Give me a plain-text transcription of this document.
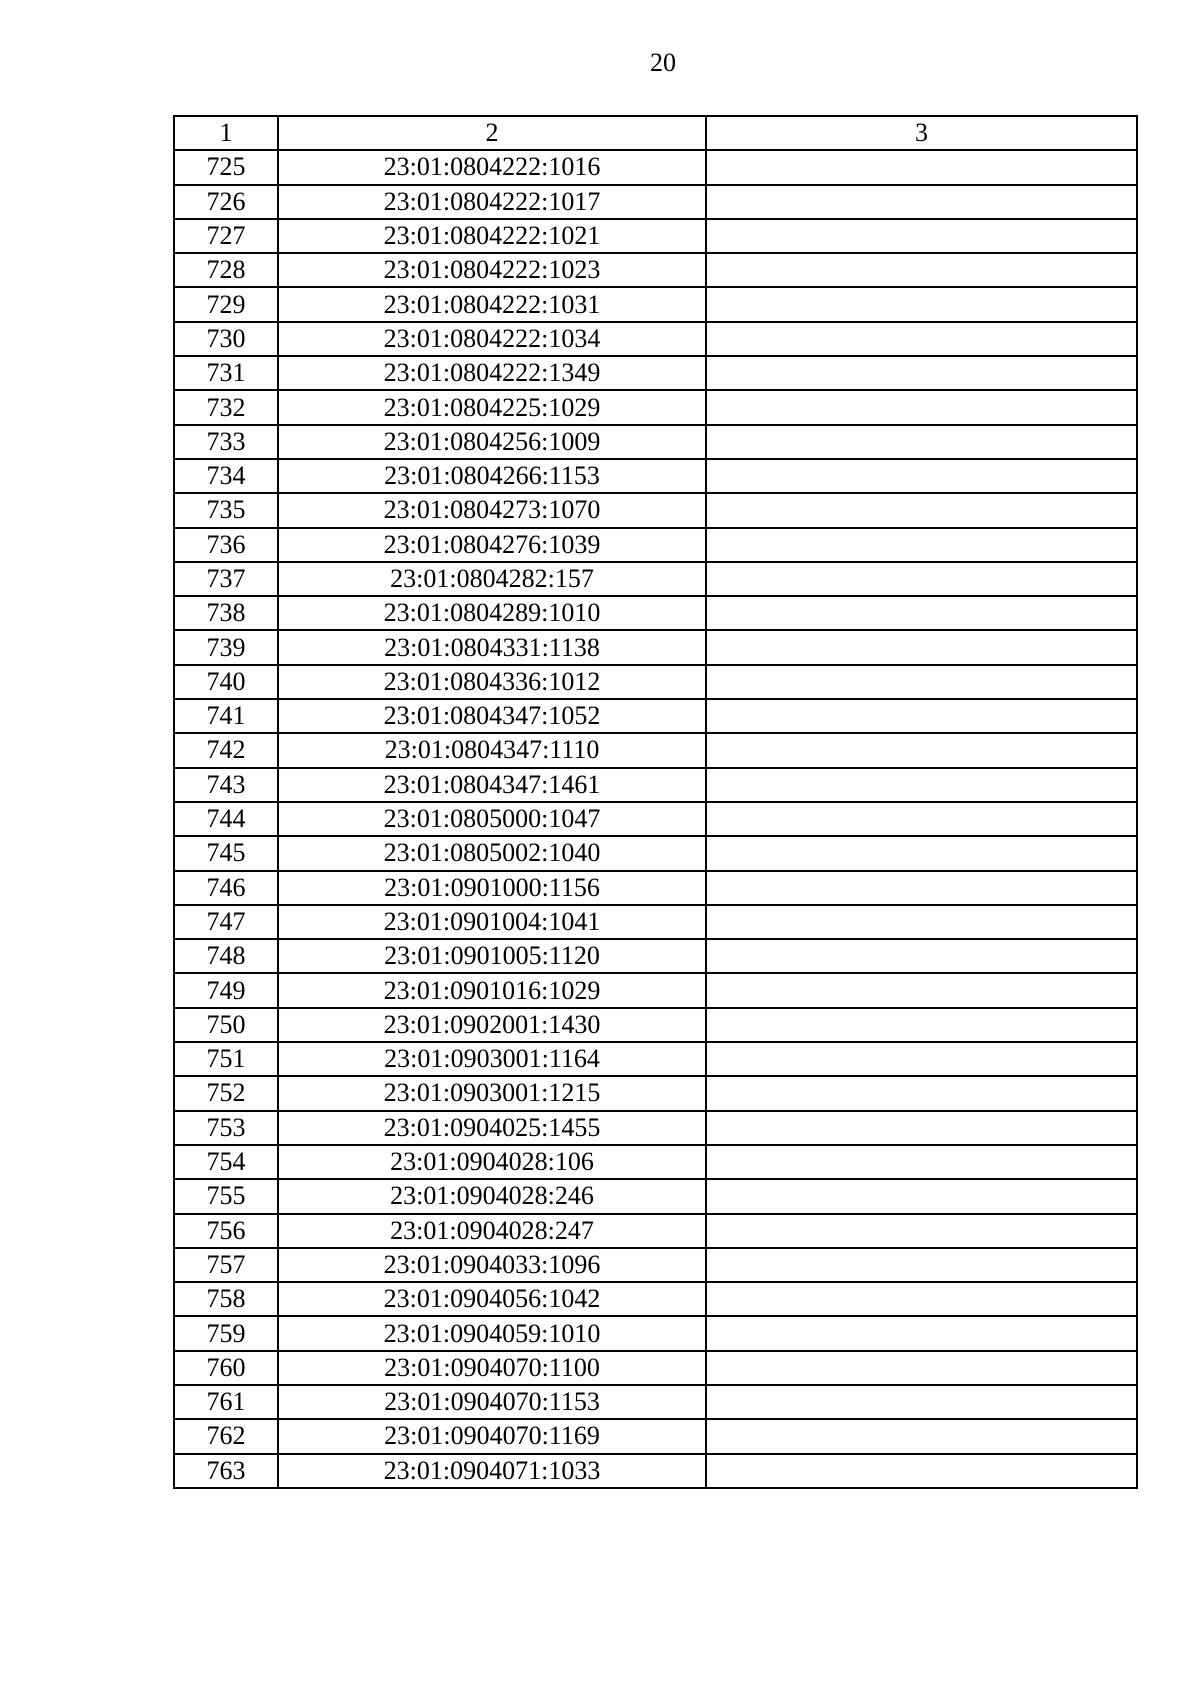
20
1	2	3
725	23:01:0804222:1016	
726	23:01:0804222:1017	
727	23:01:0804222:1021	
728	23:01:0804222:1023	
729	23:01:0804222:1031	
730	23:01:0804222:1034	
731	23:01:0804222:1349	
732	23:01:0804225:1029	
733	23:01:0804256:1009	
734	23:01:0804266:1153	
735	23:01:0804273:1070	
736	23:01:0804276:1039	
737	23:01:0804282:157	
738	23:01:0804289:1010	
739	23:01:0804331:1138	
740	23:01:0804336:1012	
741	23:01:0804347:1052	
742	23:01:0804347:1110	
743	23:01:0804347:1461	
744	23:01:0805000:1047	
745	23:01:0805002:1040	
746	23:01:0901000:1156	
747	23:01:0901004:1041	
748	23:01:0901005:1120	
749	23:01:0901016:1029	
750	23:01:0902001:1430	
751	23:01:0903001:1164	
752	23:01:0903001:1215	
753	23:01:0904025:1455	
754	23:01:0904028:106	
755	23:01:0904028:246	
756	23:01:0904028:247	
757	23:01:0904033:1096	
758	23:01:0904056:1042	
759	23:01:0904059:1010	
760	23:01:0904070:1100	
761	23:01:0904070:1153	
762	23:01:0904070:1169	
763	23:01:0904071:1033	
